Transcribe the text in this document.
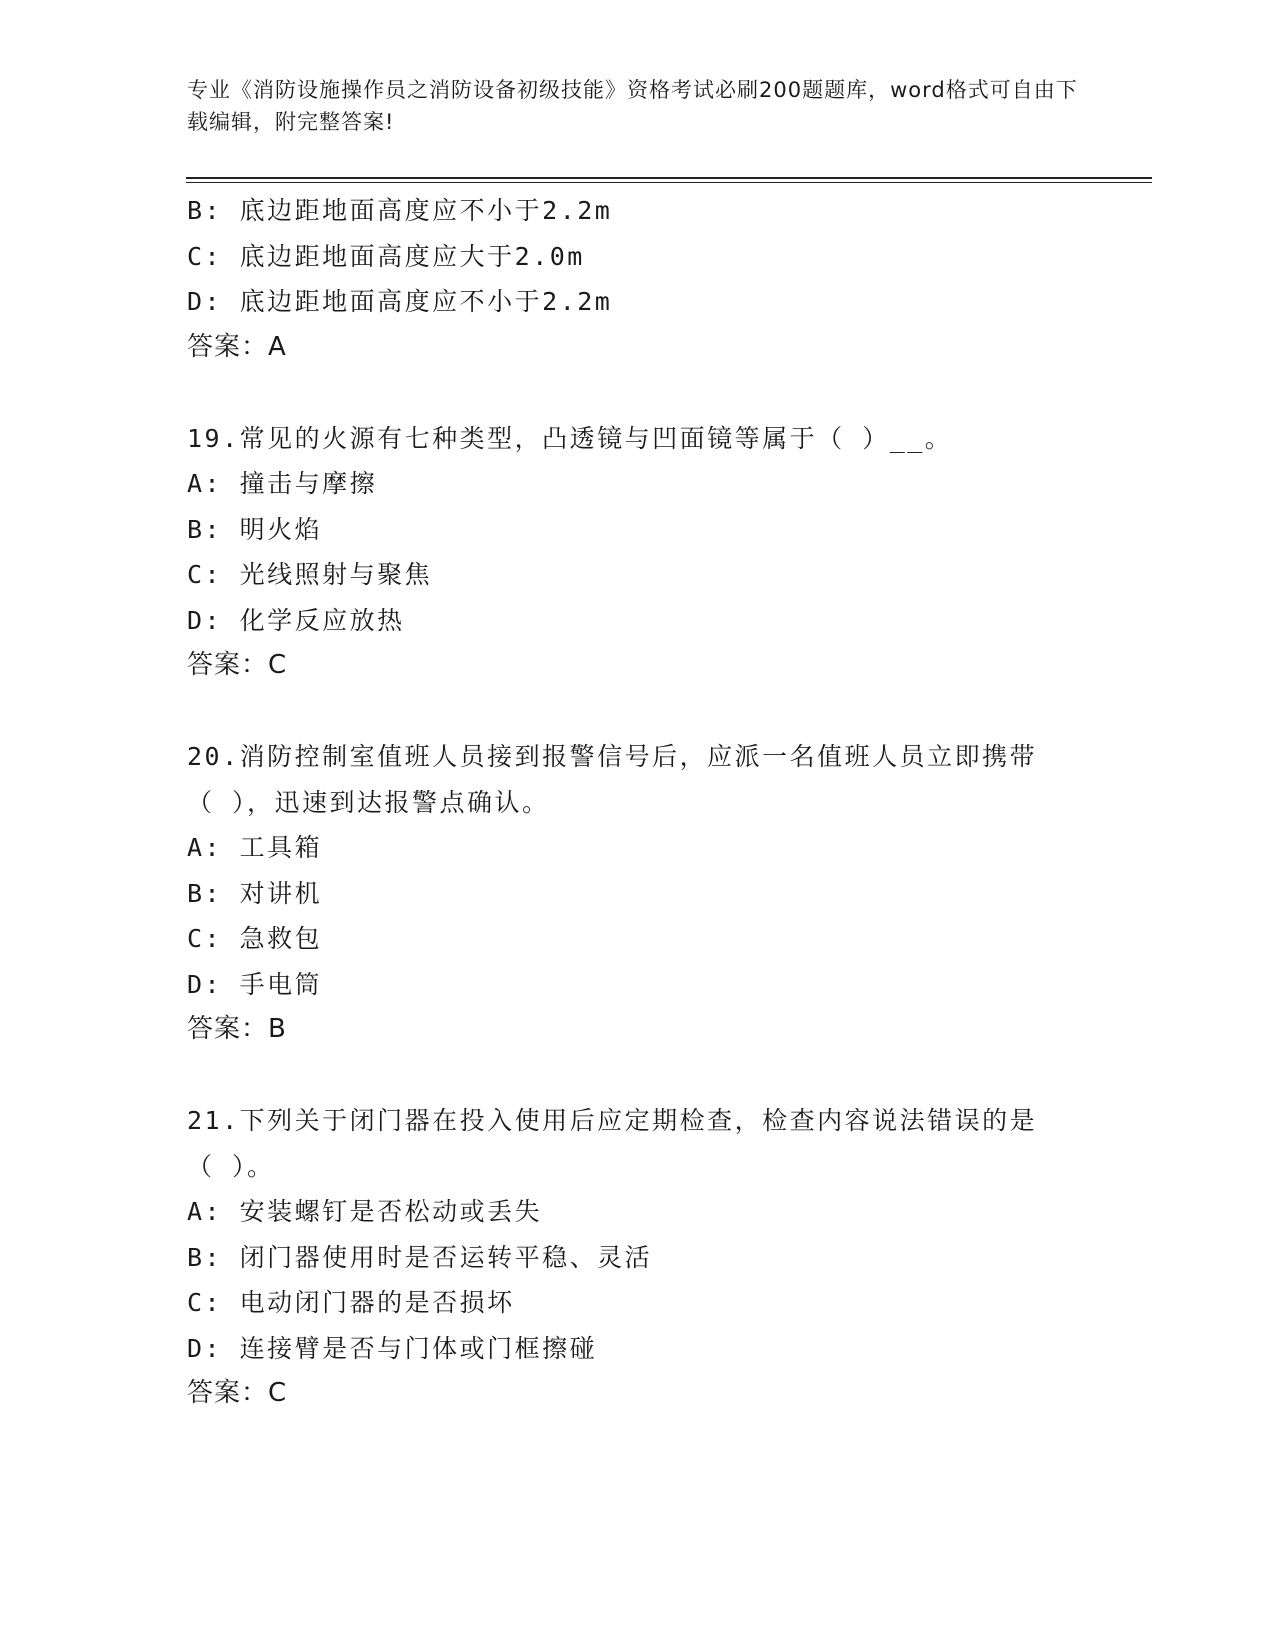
专业《消防设施操作员之消防设备初级技能》资格考试必刷200题题库，word格式可自由下载编辑，附完整答案!

B: 底边距地面高度应不小于2.2m

C: 底边距地面高度应大于2.0m

D: 底边距地面高度应不小于2.2m

答案：A

19.常见的火源有七种类型，凸透镜与凹面镜等属于（ ）__。

A: 撞击与摩擦

B: 明火焰

C: 光线照射与聚焦

D: 化学反应放热

答案：C

20.消防控制室值班人员接到报警信号后，应派一名值班人员立即携带

（ ），迅速到达报警点确认。

A: 工具箱

B: 对讲机

C: 急救包

D: 手电筒

答案：B

21.下列关于闭门器在投入使用后应定期检查，检查内容说法错误的是

（ ）。

A: 安装螺钉是否松动或丢失

B: 闭门器使用时是否运转平稳、灵活

C: 电动闭门器的是否损坏

D: 连接臂是否与门体或门框擦碰

答案：C
